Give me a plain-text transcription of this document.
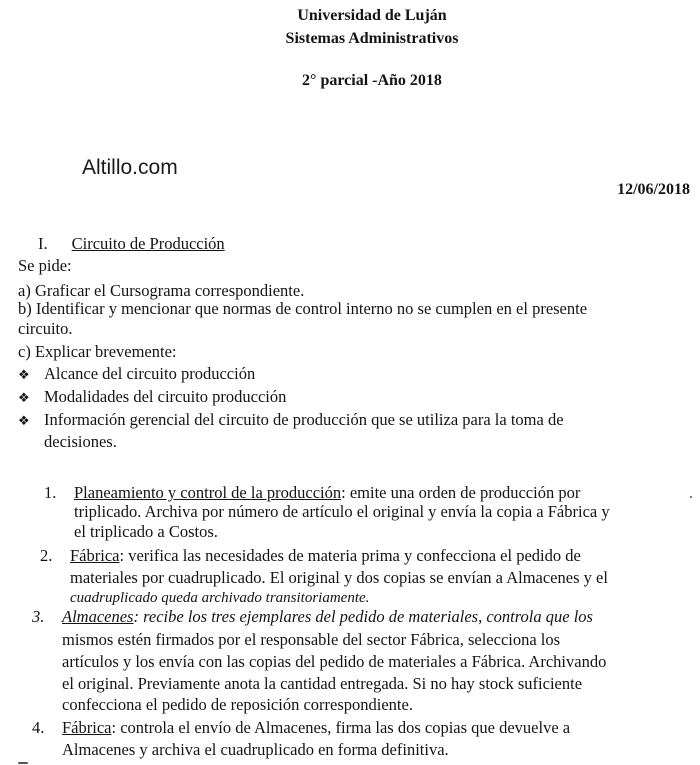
Universidad de Luján
Sistemas Administrativos
2° parcial -Año 2018
Altillo.com
12/06/2018
I. Circuito de Producción
Se pide:
a) Graficar el Cursograma correspondiente.
b) Identificar y mencionar que normas de control interno no se cumplen en el presente
circuito.
c) Explicar brevemente:
❖ Alcance del circuito producción
❖ Modalidades del circuito producción
❖ Información gerencial del circuito de producción que se utiliza para la toma de
decisiones.
1. Planeamiento y control de la producción: emite una orden de producción por
triplicado. Archiva por número de artículo el original y envía la copia a Fábrica y
el triplicado a Costos.
2. Fábrica: verifica las necesidades de materia prima y confecciona el pedido de
materiales por cuadruplicado. El original y dos copias se envían a Almacenes y el
cuadruplicado queda archivado transitoriamente.
3. Almacenes: recibe los tres ejemplares del pedido de materiales, controla que los
mismos estén firmados por el responsable del sector Fábrica, selecciona los
artículos y los envía con las copias del pedido de materiales a Fábrica. Archivando
el original. Previamente anota la cantidad entregada. Si no hay stock suficiente
confecciona el pedido de reposición correspondiente.
4. Fábrica: controla el envío de Almacenes, firma las dos copias que devuelve a
Almacenes y archiva el cuadruplicado en forma definitiva.
